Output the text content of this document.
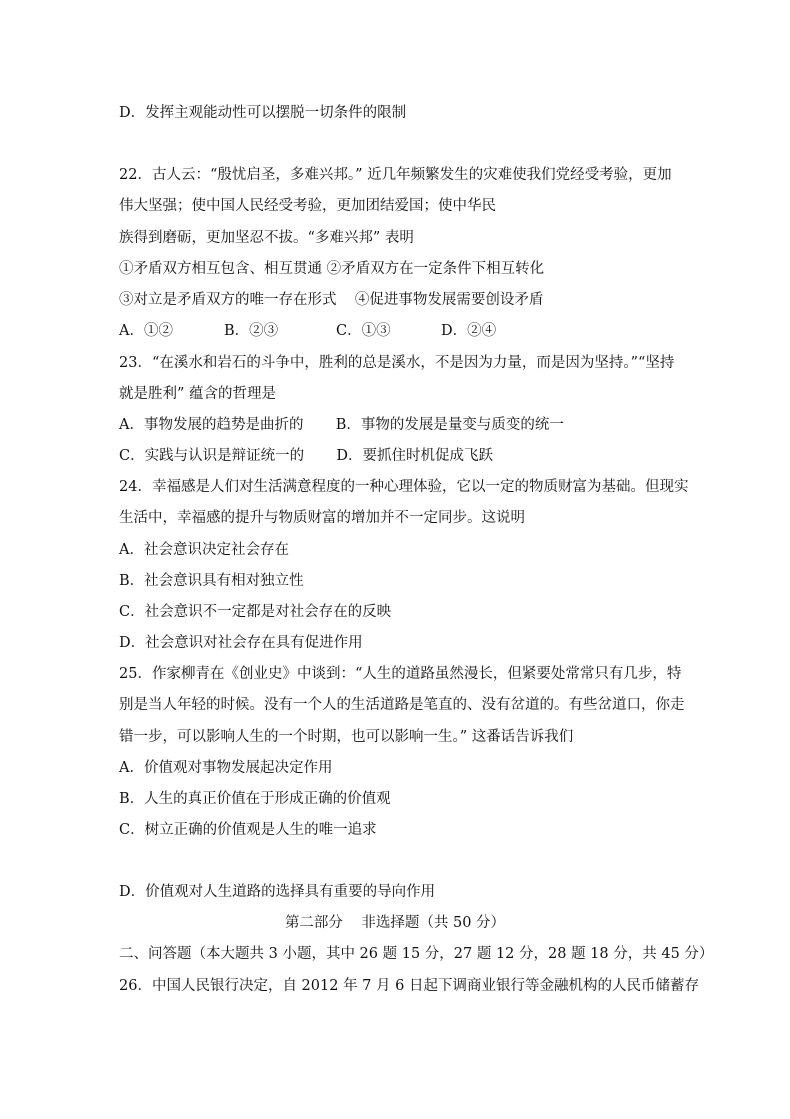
D．发挥主观能动性可以摆脱一切条件的限制
22．古人云：“殷忧启圣，多难兴邦。” 近几年频繁发生的灾难使我们党经受考验，更加
伟大坚强；使中国人民经受考验，更加团结爱国；使中华民
族得到磨砺，更加坚忍不拔。“多难兴邦” 表明
①矛盾双方相互包含、相互贯通 ②矛盾双方在一定条件下相互转化
③对立是矛盾双方的唯一存在形式    ④促进事物发展需要创设矛盾
A．①②	B．②③	C．①③	D．②④
23．“在溪水和岩石的斗争中，胜利的总是溪水，不是因为力量，而是因为坚持。”“坚持
就是胜利” 蕴含的哲理是
A．事物发展的趋势是曲折的       B．事物的发展是量变与质变的统一
C．实践与认识是辩证统一的       D．要抓住时机促成飞跃
24．幸福感是人们对生活满意程度的一种心理体验，它以一定的物质财富为基础。但现实
生活中，幸福感的提升与物质财富的增加并不一定同步。这说明
A．社会意识决定社会存在
B．社会意识具有相对独立性
C．社会意识不一定都是对社会存在的反映
D．社会意识对社会存在具有促进作用
25．作家柳青在《创业史》中谈到：“人生的道路虽然漫长，但紧要处常常只有几步，特
别是当人年轻的时候。没有一个人的生活道路是笔直的、没有岔道的。有些岔道口，你走
错一步，可以影响人生的一个时期，也可以影响一生。” 这番话告诉我们
A．价值观对事物发展起决定作用
B．人生的真正价值在于形成正确的价值观
C．树立正确的价值观是人生的唯一追求
D．价值观对人生道路的选择具有重要的导向作用
第二部分    非选择题（共 50 分）
二、问答题（本大题共 3 小题，其中 26 题 15 分，27 题 12 分，28 题 18 分，共 45 分）
26．中国人民银行决定，自 2012 年 7 月 6 日起下调商业银行等金融机构的人民币储蓄存
